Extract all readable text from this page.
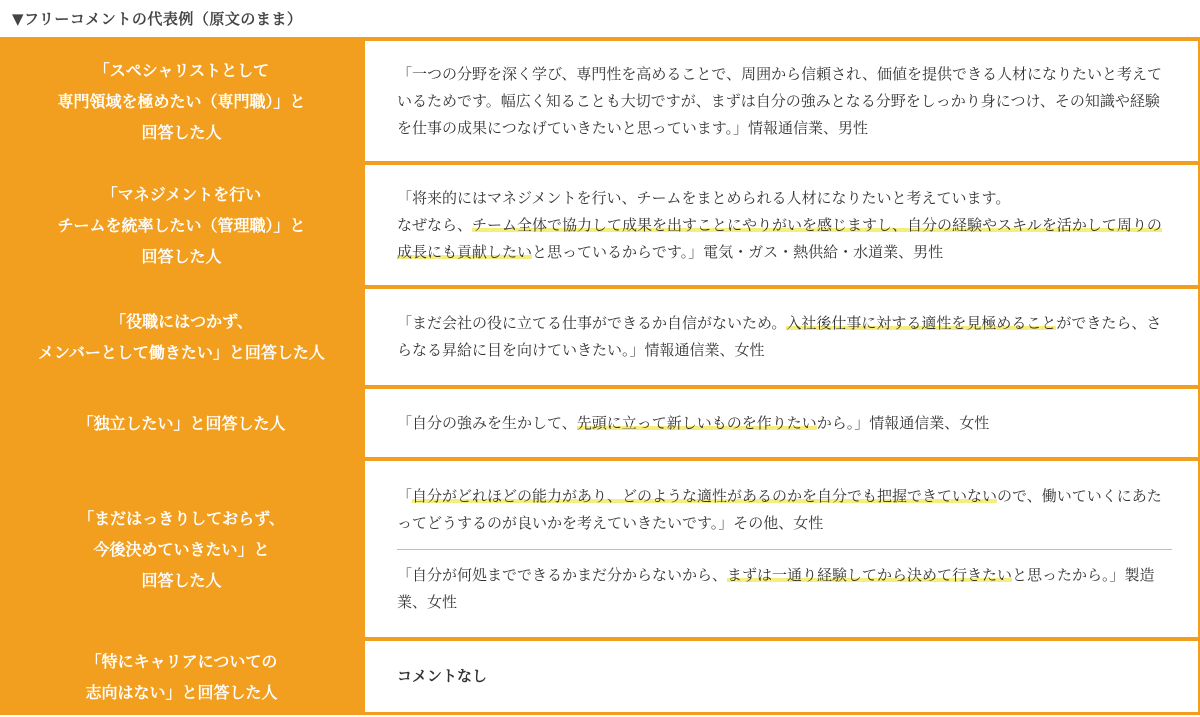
▼フリーコメントの代表例（原文のまま）
「スペシャリストとして
専門領域を極めたい（専門職）」と
回答した人

「一つの分野を深く学び、専門性を高めることで、周囲から信頼され、価値を提供できる人材になりたいと考えているためです。幅広く知ることも大切ですが、まずは自分の強みとなる分野をしっかり身につけ、その知識や経験を仕事の成果につなげていきたいと思っています。」情報通信業、男性

「マネジメントを行い
チームを統率したい（管理職）」と
回答した人

「将来的にはマネジメントを行い、チームをまとめられる人材になりたいと考えています。
なぜなら、チーム全体で協力して成果を出すことにやりがいを感じますし、自分の経験やスキルを活かして周りの成長にも貢献したいと思っているからです。」電気・ガス・熱供給・水道業、男性

「役職にはつかず、
メンバーとして働きたい」と回答した人

「まだ会社の役に立てる仕事ができるか自信がないため。入社後仕事に対する適性を見極めることができたら、さらなる昇給に目を向けていきたい。」情報通信業、女性

「独立したい」と回答した人	「自分の強みを生かして、先頭に立って新しいものを作りたいから。」情報通信業、女性

「まだはっきりしておらず、
今後決めていきたい」と
回答した人

「自分がどれほどの能力があり、どのような適性があるのかを自分でも把握できていないので、働いていくにあたってどうするのが良いかを考えていきたいです。」その他、女性

「自分が何処までできるかまだ分からないから、まずは一通り経験してから決めて行きたいと思ったから。」製造業、女性

「特にキャリアについての
志向はない」と回答した人

コメントなし
